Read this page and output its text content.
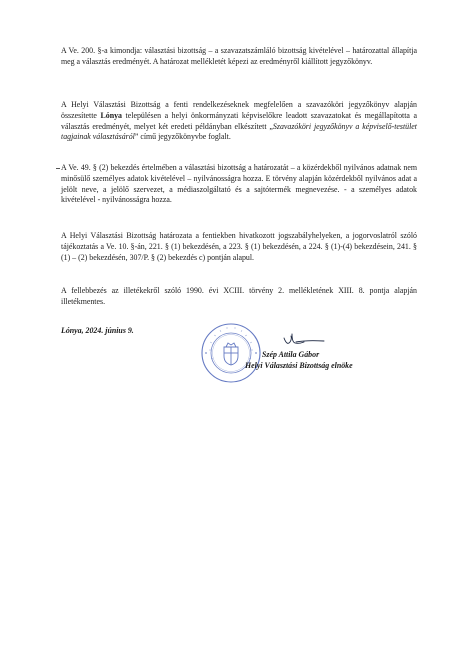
A Ve. 200. §-a kimondja: választási bizottság – a szavazatszámláló bizottság kivételével – határozattal állapítja meg a választás eredményét. A határozat mellékletét képezi az eredményről kiállított jegyzőkönyv.

A Helyi Választási Bizottság a fenti rendelkezéseknek megfelelően a szavazóköri jegyzőkönyv alapján összesítette Lónya településen a helyi önkormányzati képviselőkre leadott szavazatokat és megállapította a választás eredményét, melyet két eredeti példányban elkészített „Szavazóköri jegyzőkönyv a képviselő-testület tagjainak választásáról” című jegyzőkönyvbe foglalt.

A Ve. 49. § (2) bekezdés értelmében a választási bizottság a határozatát – a közérdekből nyilvános adatnak nem minősülő személyes adatok kivételével – nyilvánosságra hozza. E törvény alapján közérdekből nyilvános adat a jelölt neve, a jelölő szervezet, a médiaszolgáltató és a sajtótermék megnevezése. - a személyes adatok kivételével - nyilvánosságra hozza.

A Helyi Választási Bizottság határozata a fentiekben hivatkozott jogszabályhelyeken, a jogorvoslatról szóló tájékoztatás a Ve. 10. §-án, 221. § (1) bekezdésén, a 223. § (1) bekezdésén, a 224. § (1)-(4) bekezdésein, 241. § (1) – (2) bekezdésén, 307/P. § (2) bekezdés c) pontján alapul.

A fellebbezés az illetékekről szóló 1990. évi XCIII. törvény 2. mellékletének XIII. 8. pontja alapján illetékmentes.

Lónya, 2024. június 9.

Szép Attila Gábor

Helyi Választási Bizottság elnöke
